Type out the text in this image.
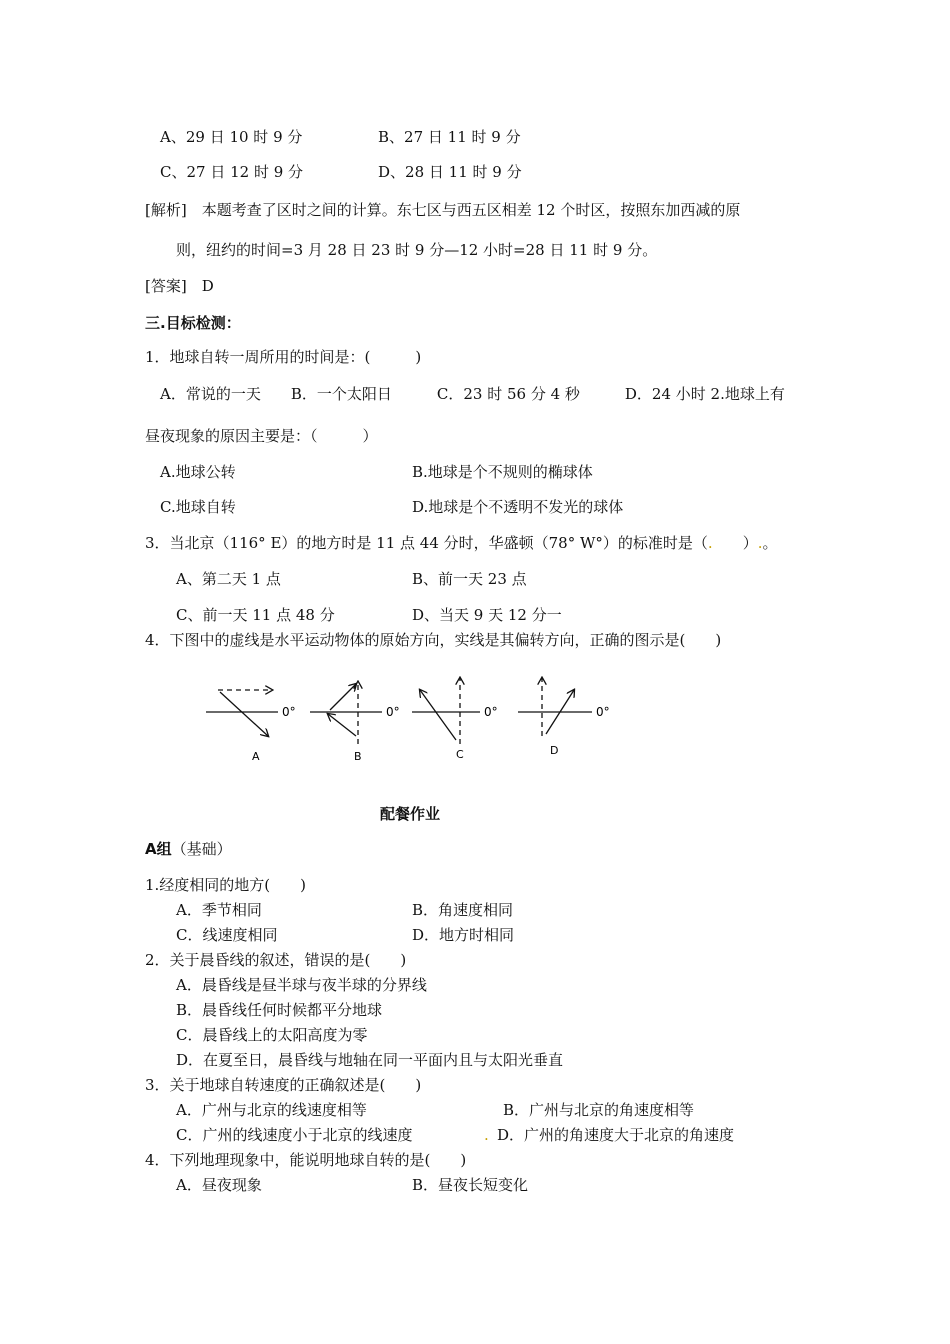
A、29 日 10 时 9 分	B、27 日 11 时 9 分
C、27 日 12 时 9 分	D、28 日 11 时 9 分
[解析]　本题考查了区时之间的计算。东七区与西五区相差 12 个时区，按照东加西减的原
则，纽约的时间=3 月 28 日 23 时 9 分—12 小时=28 日 11 时 9 分。
[答案]　D
三.目标检测：
1．地球自转一周所用的时间是：(　　　)
A．常说的一天　　B．一个太阳日　　　C．23 时 56 分 4 秒　　　D．24 小时 2.地球上有
昼夜现象的原因主要是：（　　　）
A.地球公转	B.地球是个不规则的椭球体
C.地球自转	D.地球是个不透明不发光的球体
3．当北京（116° E）的地方时是 11 点 44 分时，华盛顿（78° W°）的标准时是（.　　）.。
A、第二天 1 点	B、前一天 23 点
C、前一天 11 点 48 分	D、当天 9 天 12 分一
4．下图中的虚线是水平运动物体的原始方向，实线是其偏转方向，正确的图示是(　　)
0°
A
0°
B
0°
C
0°
D
配餐作业
A组（基础）
1.经度相同的地方(　　)
A．季节相同	B．角速度相同
C．线速度相同	D．地方时相同
2．关于晨昏线的叙述，错误的是(　　)
A．晨昏线是昼半球与夜半球的分界线
B．晨昏线任何时候都平分地球
C．晨昏线上的太阳高度为零
D．在夏至日，晨昏线与地轴在同一平面内且与太阳光垂直
3．关于地球自转速度的正确叙述是(　　)
A．广州与北京的线速度相等	B．广州与北京的角速度相等
C．广州的线速度小于北京的线速度	. D．广州的角速度大于北京的角速度
4．下列地理现象中，能说明地球自转的是(　　)
A．昼夜现象	B．昼夜长短变化
